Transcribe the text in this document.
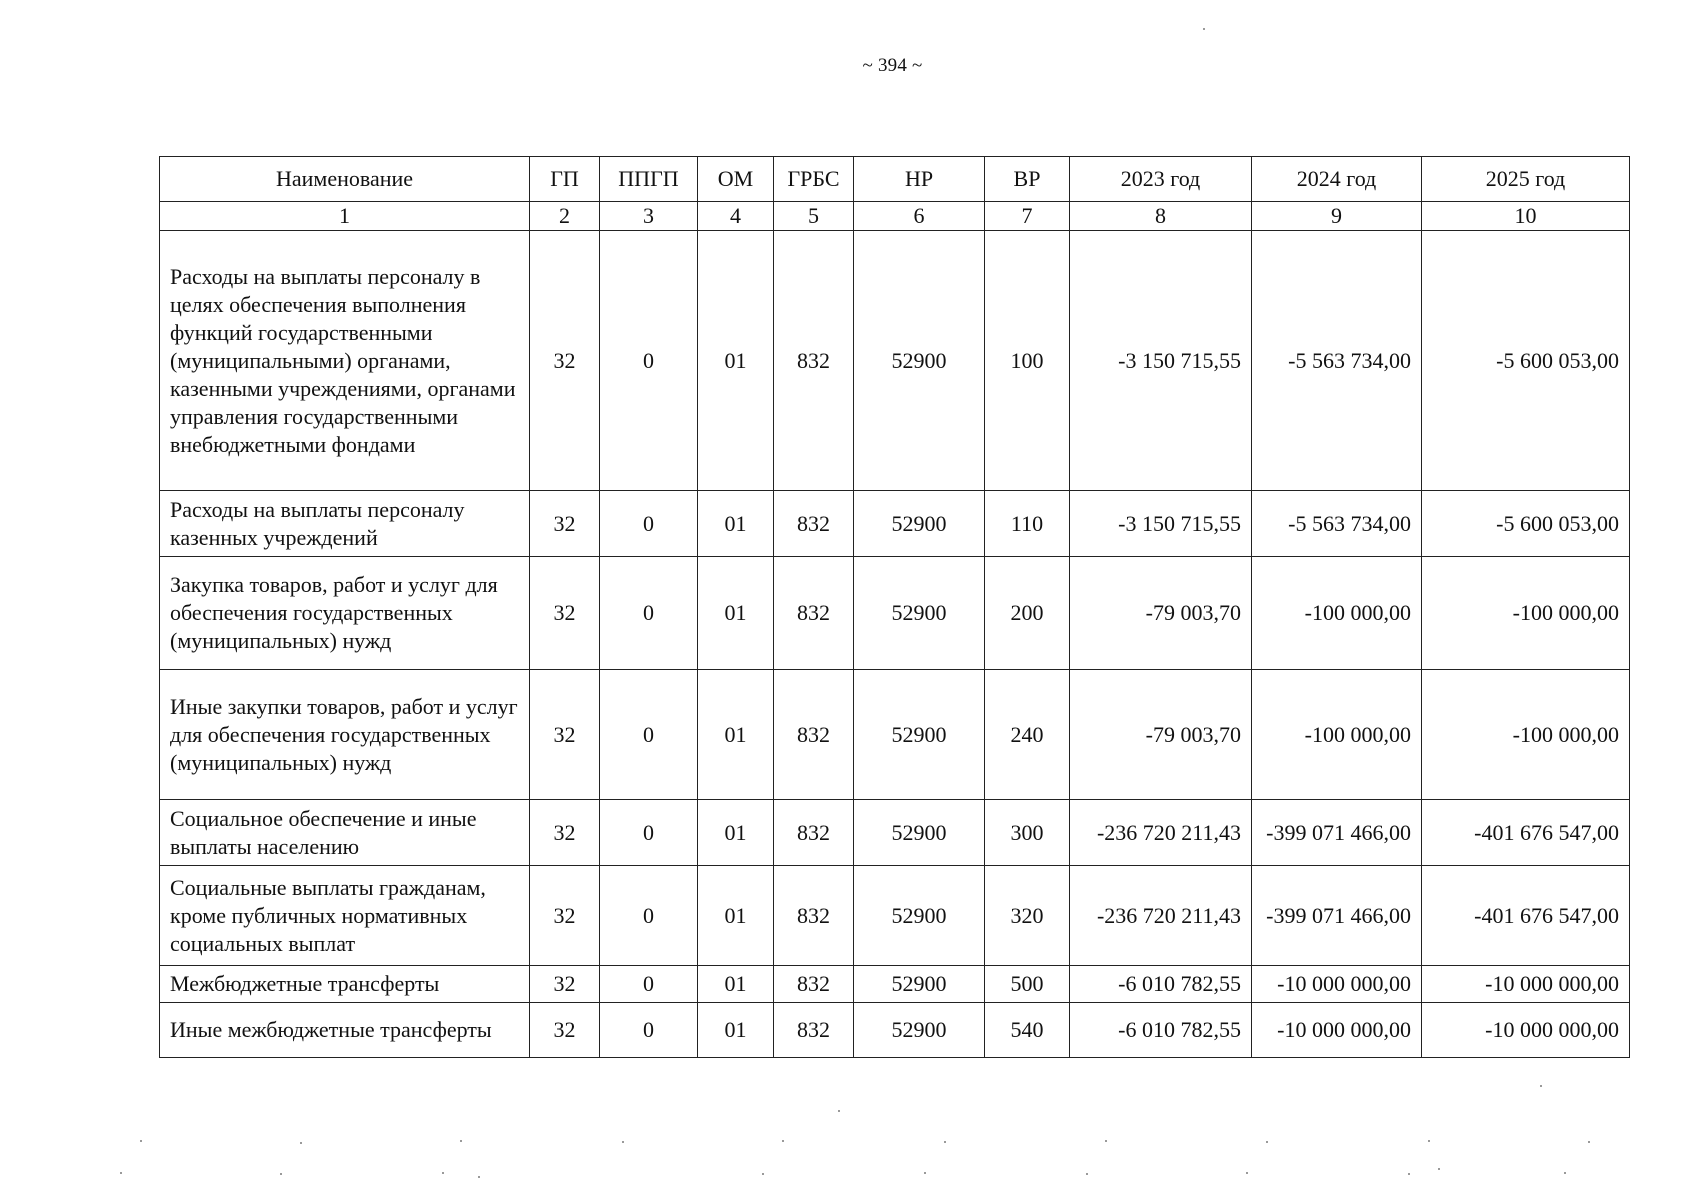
~ 394 ~
Наименование	ГП	ППГП	ОМ	ГРБС	НР	ВР	2023 год	2024 год	2025 год
1	2	3	4	5	6	7	8	9	10
Расходы на выплаты персоналу в целях обеспечения выполнения функций государственными (муниципальными) органами, казенными учреждениями, органами управления государственными внебюджетными фондами	32	0	01	832	52900	100	-3 150 715,55	-5 563 734,00	-5 600 053,00
Расходы на выплаты персоналу казенных учреждений	32	0	01	832	52900	110	-3 150 715,55	-5 563 734,00	-5 600 053,00
Закупка товаров, работ и услуг для обеспечения государственных (муниципальных) нужд	32	0	01	832	52900	200	-79 003,70	-100 000,00	-100 000,00
Иные закупки товаров, работ и услуг для обеспечения государственных (муниципальных) нужд	32	0	01	832	52900	240	-79 003,70	-100 000,00	-100 000,00
Социальное обеспечение и иные выплаты населению	32	0	01	832	52900	300	-236 720 211,43	-399 071 466,00	-401 676 547,00
Социальные выплаты гражданам, кроме публичных нормативных социальных выплат	32	0	01	832	52900	320	-236 720 211,43	-399 071 466,00	-401 676 547,00
Межбюджетные трансферты	32	0	01	832	52900	500	-6 010 782,55	-10 000 000,00	-10 000 000,00
Иные межбюджетные трансферты	32	0	01	832	52900	540	-6 010 782,55	-10 000 000,00	-10 000 000,00
